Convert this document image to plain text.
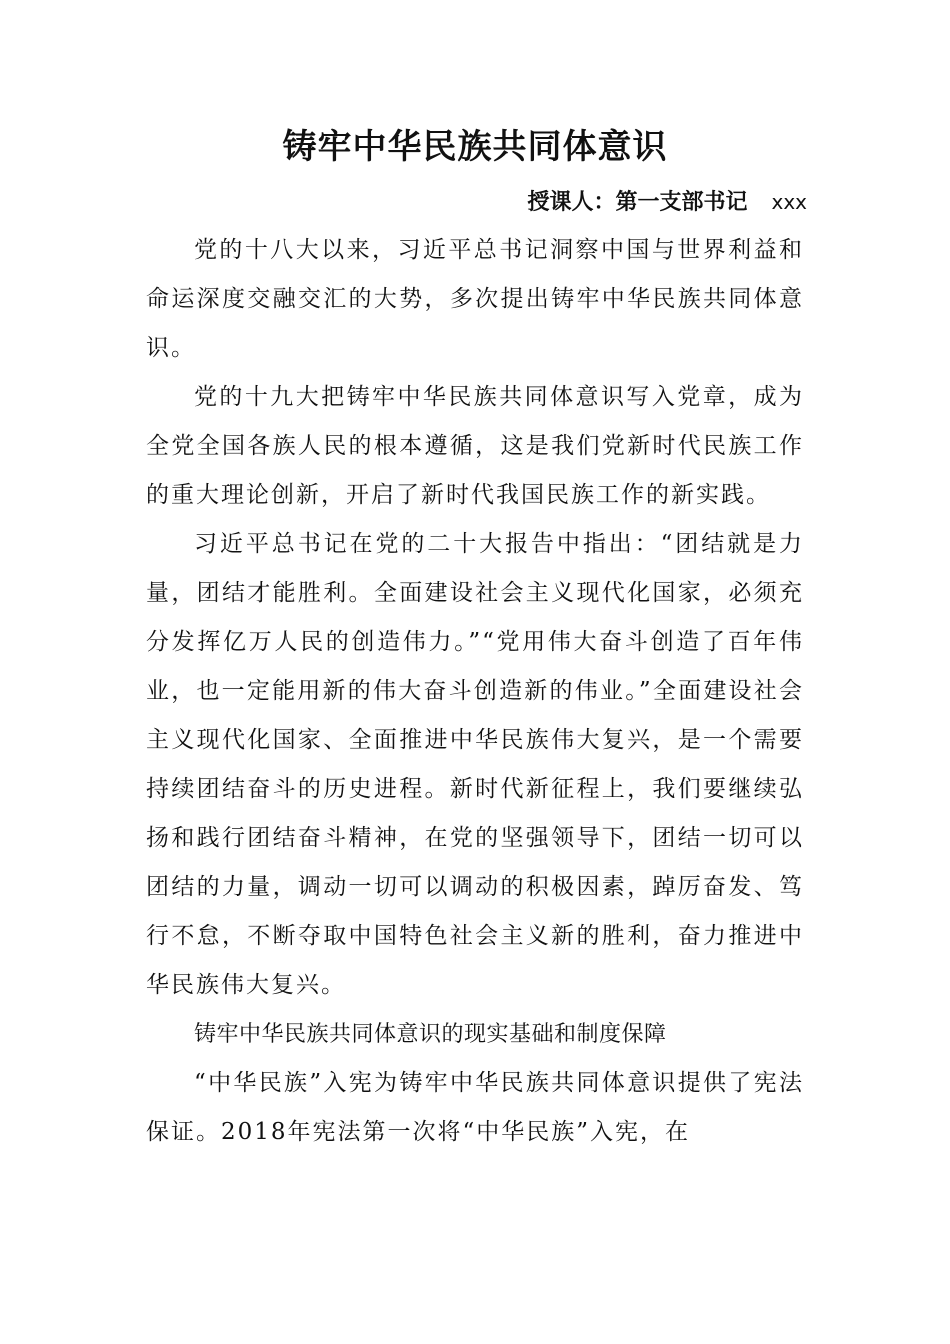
铸牢中华民族共同体意识
授课人：第一支部书记 xxx

党的十八大以来，习近平总书记洞察中国与世界利益和命运深度交融交汇的大势，多次提出铸牢中华民族共同体意识。

党的十九大把铸牢中华民族共同体意识写入党章，成为全党全国各族人民的根本遵循，这是我们党新时代民族工作的重大理论创新，开启了新时代我国民族工作的新实践。

习近平总书记在党的二十大报告中指出：“团结就是力量，团结才能胜利。全面建设社会主义现代化国家，必须充分发挥亿万人民的创造伟力。”“党用伟大奋斗创造了百年伟业，也一定能用新的伟大奋斗创造新的伟业。”全面建设社会主义现代化国家、全面推进中华民族伟大复兴，是一个需要持续团结奋斗的历史进程。新时代新征程上，我们要继续弘扬和践行团结奋斗精神，在党的坚强领导下，团结一切可以团结的力量，调动一切可以调动的积极因素，踔厉奋发、笃行不怠，不断夺取中国特色社会主义新的胜利，奋力推进中华民族伟大复兴。

铸牢中华民族共同体意识的现实基础和制度保障

“中华民族”入宪为铸牢中华民族共同体意识提供了宪法保证。2018年宪法第一次将“中华民族”入宪，在
